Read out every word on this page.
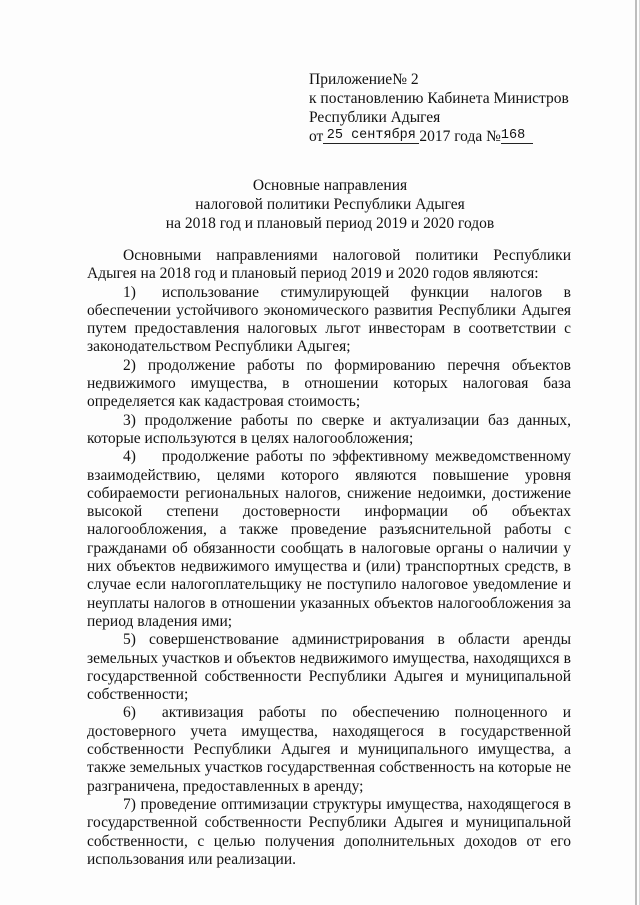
Приложение№ 2
к постановлению Кабинета Министров
Республики Адыгея
от 25 сентября 2017 года №168
Основные направления
налоговой политики Республики Адыгея
на 2018 год и плановый период 2019 и 2020 годов

Основными направлениями налоговой политики Республики Адыгея на 2018 год и плановый период 2019 и 2020 годов являются:

1) использование стимулирующей функции налогов в обеспечении устойчивого экономического развития Республики Адыгея путем предоставления налоговых льгот инвесторам в соответствии с законодательством Республики Адыгея;

2) продолжение работы по формированию перечня объектов недвижимого имущества, в отношении которых налоговая база определяется как кадастровая стоимость;

3) продолжение работы по сверке и актуализации баз данных, которые используются в целях налогообложения;

4) продолжение работы по эффективному межведомственному взаимодействию, целями которого являются повышение уровня собираемости региональных налогов, снижение недоимки, достижение высокой степени достоверности информации об объектах налогообложения, а также проведение разъяснительной работы с гражданами об обязанности сообщать в налоговые органы о наличии у них объектов недвижимого имущества и (или) транспортных средств, в случае если налогоплательщику не поступило налоговое уведомление и неуплаты налогов в отношении указанных объектов налогообложения за период владения ими;

5) совершенствование администрирования в области аренды земельных участков и объектов недвижимого имущества, находящихся в государственной собственности Республики Адыгея и муниципальной собственности;

6) активизация работы по обеспечению полноценного и достоверного учета имущества, находящегося в государственной собственности Республики Адыгея и муниципального имущества, а также земельных участков государственная собственность на которые не разграничена, предоставленных в аренду;

7) проведение оптимизации структуры имущества, находящегося в государственной собственности Республики Адыгея и муниципальной собственности, с целью получения дополнительных доходов от его использования или реализации.
